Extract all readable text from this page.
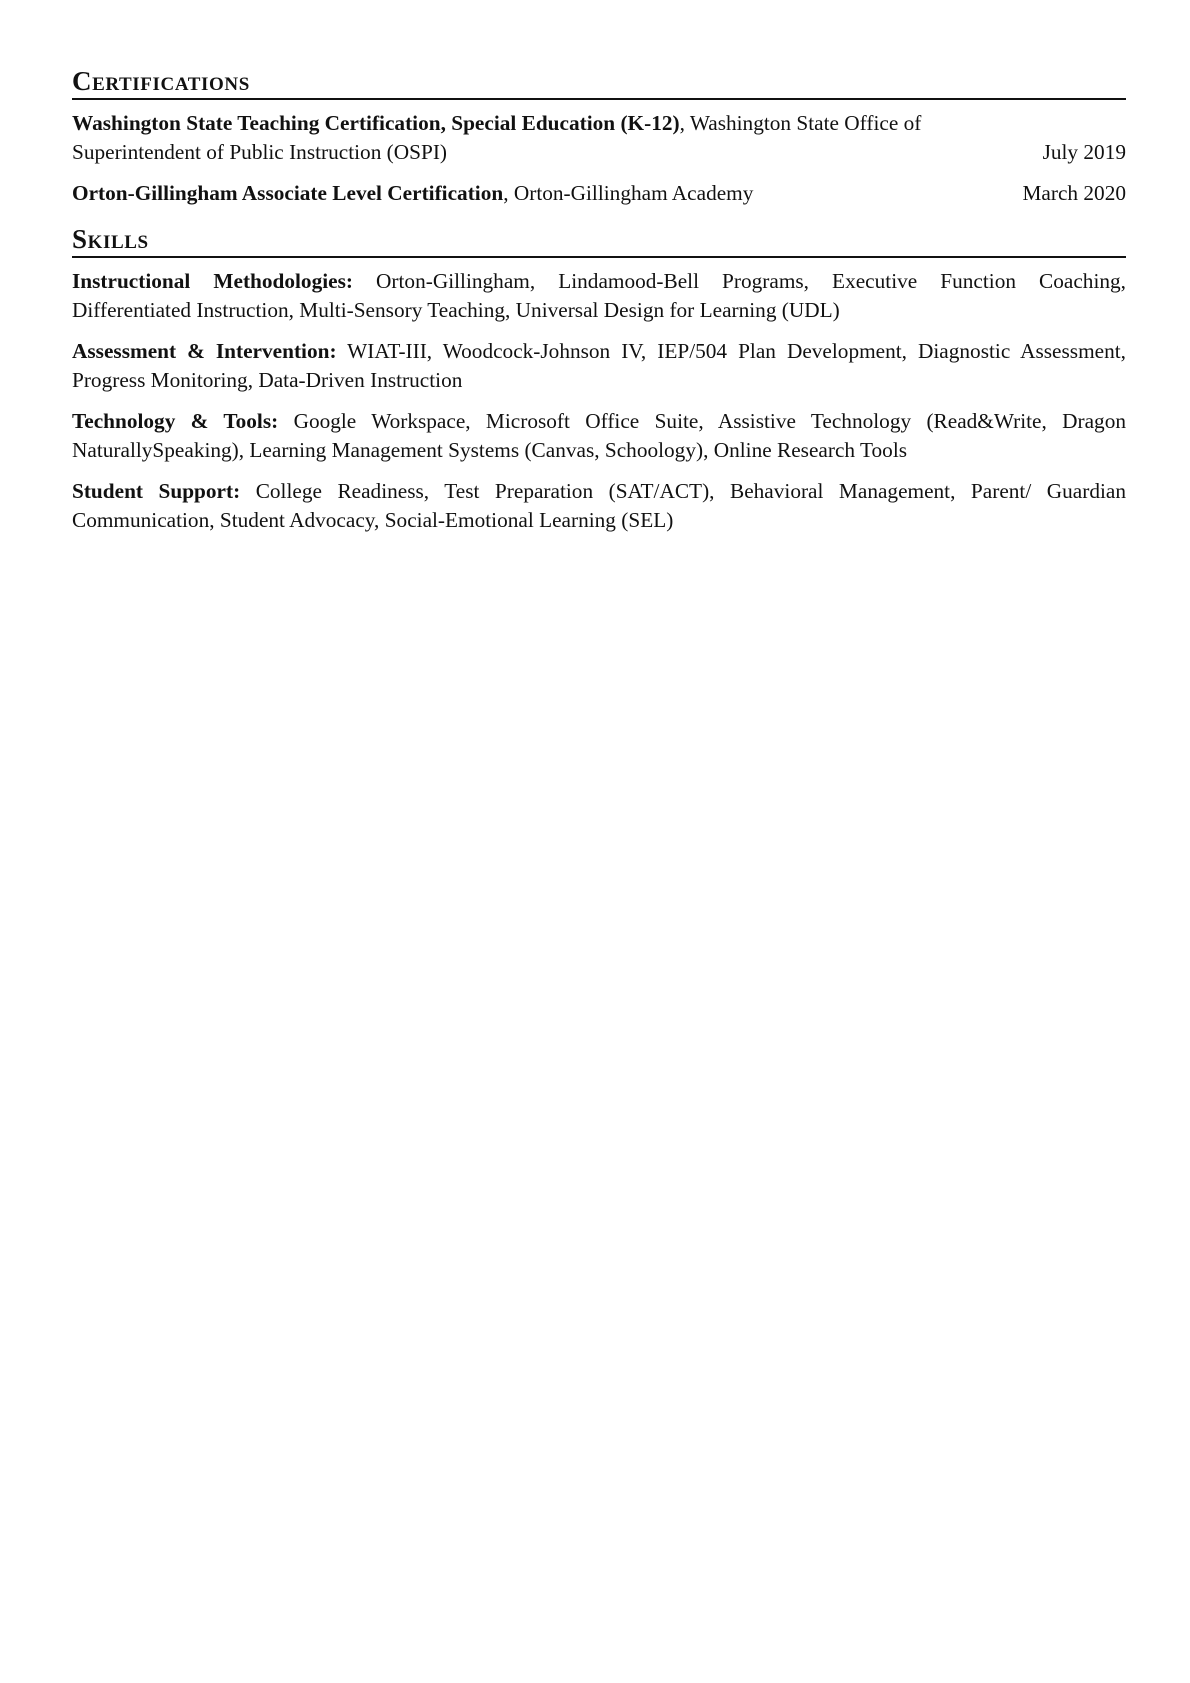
Certifications
Washington State Teaching Certification, Special Education (K-12), Washington State Office of
Superintendent of Public Instruction (OSPI)	July 2019
Orton-Gillingham Associate Level Certification, Orton-Gillingham Academy	March 2020
Skills
Instructional Methodologies: Orton-Gillingham, Lindamood-Bell Programs, Executive Function Coaching, Differentiated Instruction, Multi-Sensory Teaching, Universal Design for Learning (UDL)
Assessment & Intervention: WIAT-III, Woodcock-Johnson IV, IEP/504 Plan Development, Diagnostic Assessment, Progress Monitoring, Data-Driven Instruction
Technology & Tools: Google Workspace, Microsoft Office Suite, Assistive Technology (Read&Write, Dragon NaturallySpeaking), Learning Management Systems (Canvas, Schoology), Online Research Tools
Student Support: College Readiness, Test Preparation (SAT/ACT), Behavioral Management, Parent/ Guardian Communication, Student Advocacy, Social-Emotional Learning (SEL)
